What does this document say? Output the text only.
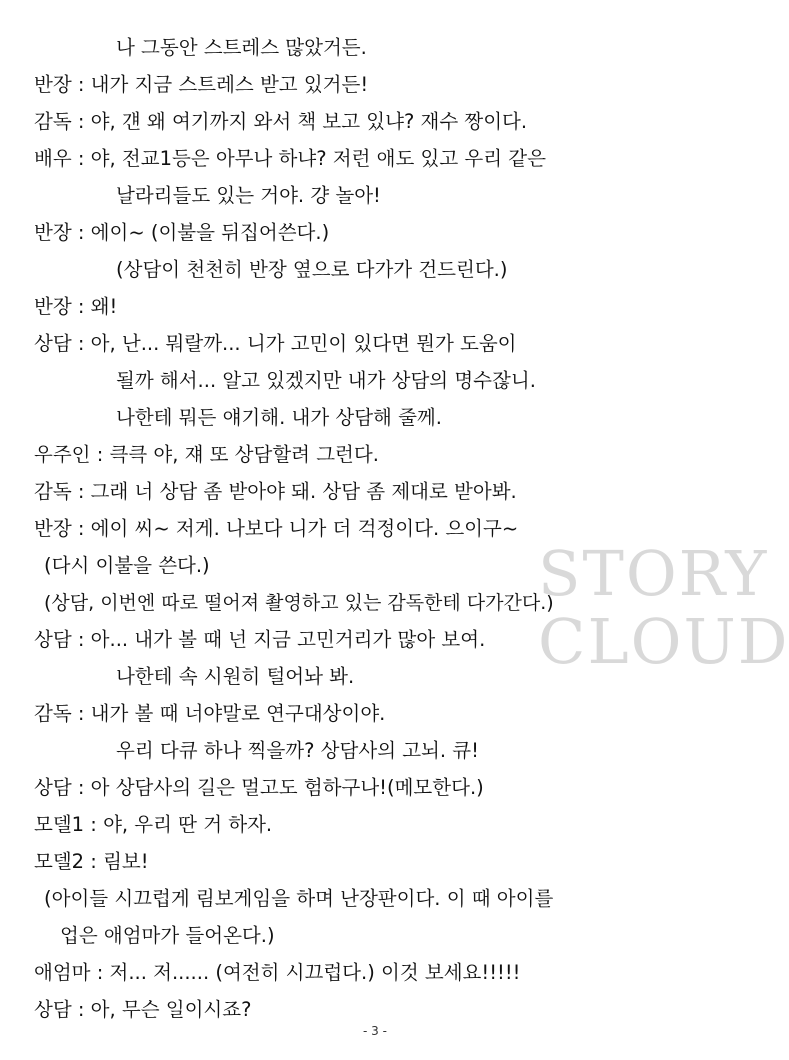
STORY
CLOUD
나 그동안 스트레스 많았거든.
반장 : 내가 지금 스트레스 받고 있거든!
감독 : 야, 걘 왜 여기까지 와서 책 보고 있냐? 재수 짱이다.
배우 : 야, 전교1등은 아무나 하냐? 저런 애도 있고 우리 같은
날라리들도 있는 거야. 걍 놀아!
반장 : 에이~ (이불을 뒤집어쓴다.)
(상담이 천천히 반장 옆으로 다가가 건드린다.)
반장 : 왜!
상담 : 아, 난... 뭐랄까... 니가 고민이 있다면 뭔가 도움이
될까 해서... 알고 있겠지만 내가 상담의 명수잖니.
나한테 뭐든 얘기해. 내가 상담해 줄께.
우주인 : 큭큭 야, 쟤 또 상담할려 그런다.
감독 : 그래 너 상담 좀 받아야 돼. 상담 좀 제대로 받아봐.
반장 : 에이 씨~ 저게. 나보다 니가 더 걱정이다. 으이구~
(다시 이불을 쓴다.)
(상담, 이번엔 따로 떨어져 촬영하고 있는 감독한테 다가간다.)
상담 : 아... 내가 볼 때 넌 지금 고민거리가 많아 보여.
나한테 속 시원히 털어놔 봐.
감독 : 내가 볼 때 너야말로 연구대상이야.
우리 다큐 하나 찍을까? 상담사의 고뇌. 큐!
상담 : 아 상담사의 길은 멀고도 험하구나!(메모한다.)
모델1 : 야, 우리 딴 거 하자.
모델2 : 림보!
(아이들 시끄럽게 림보게임을 하며 난장판이다. 이 때 아이를
업은 애엄마가 들어온다.)
애엄마 : 저... 저...... (여전히 시끄럽다.) 이것 보세요!!!!!
상담 : 아, 무슨 일이시죠?
- 3 -
